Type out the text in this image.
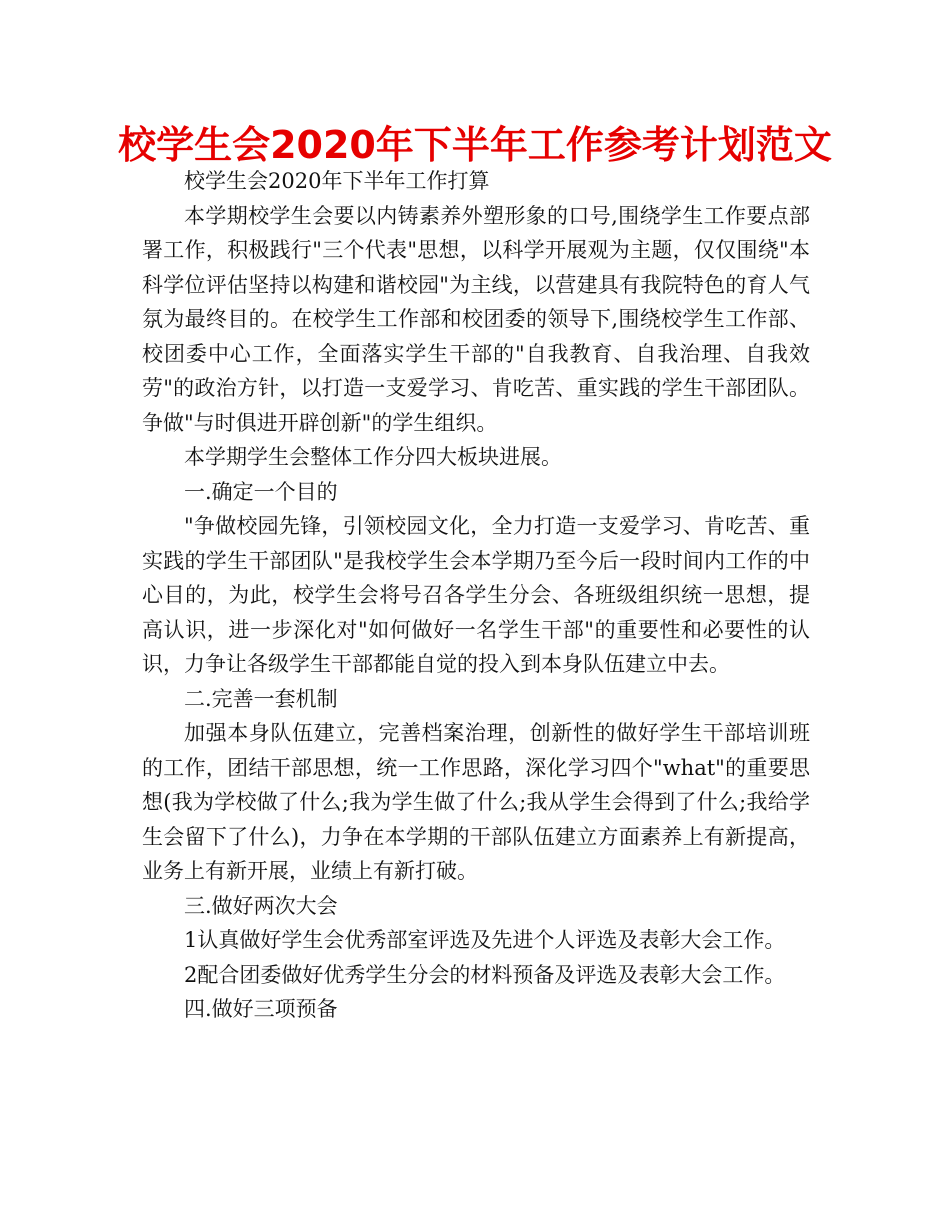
校学生会2020年下半年工作参考计划范文

校学生会2020年下半年工作打算

本学期校学生会要以内铸素养外塑形象的口号,围绕学生工作要点部署工作，积极践行"三个代表"思想，以科学开展观为主题，仅仅围绕"本科学位评估坚持以构建和谐校园"为主线，以营建具有我院特色的育人气氛为最终目的。在校学生工作部和校团委的领导下,围绕校学生工作部、校团委中心工作，全面落实学生干部的"自我教育、自我治理、自我效劳"的政治方针，以打造一支爱学习、肯吃苦、重实践的学生干部团队。争做"与时俱进开辟创新"的学生组织。

本学期学生会整体工作分四大板块进展。

一.确定一个目的

"争做校园先锋，引领校园文化，全力打造一支爱学习、肯吃苦、重实践的学生干部团队"是我校学生会本学期乃至今后一段时间内工作的中心目的，为此，校学生会将号召各学生分会、各班级组织统一思想，提高认识，进一步深化对"如何做好一名学生干部"的重要性和必要性的认识，力争让各级学生干部都能自觉的投入到本身队伍建立中去。

二.完善一套机制

加强本身队伍建立，完善档案治理，创新性的做好学生干部培训班的工作，团结干部思想，统一工作思路，深化学习四个"what"的重要思想(我为学校做了什么;我为学生做了什么;我从学生会得到了什么;我给学生会留下了什么)，力争在本学期的干部队伍建立方面素养上有新提高，业务上有新开展，业绩上有新打破。

三.做好两次大会

1认真做好学生会优秀部室评选及先进个人评选及表彰大会工作。

2配合团委做好优秀学生分会的材料预备及评选及表彰大会工作。

四.做好三项预备
